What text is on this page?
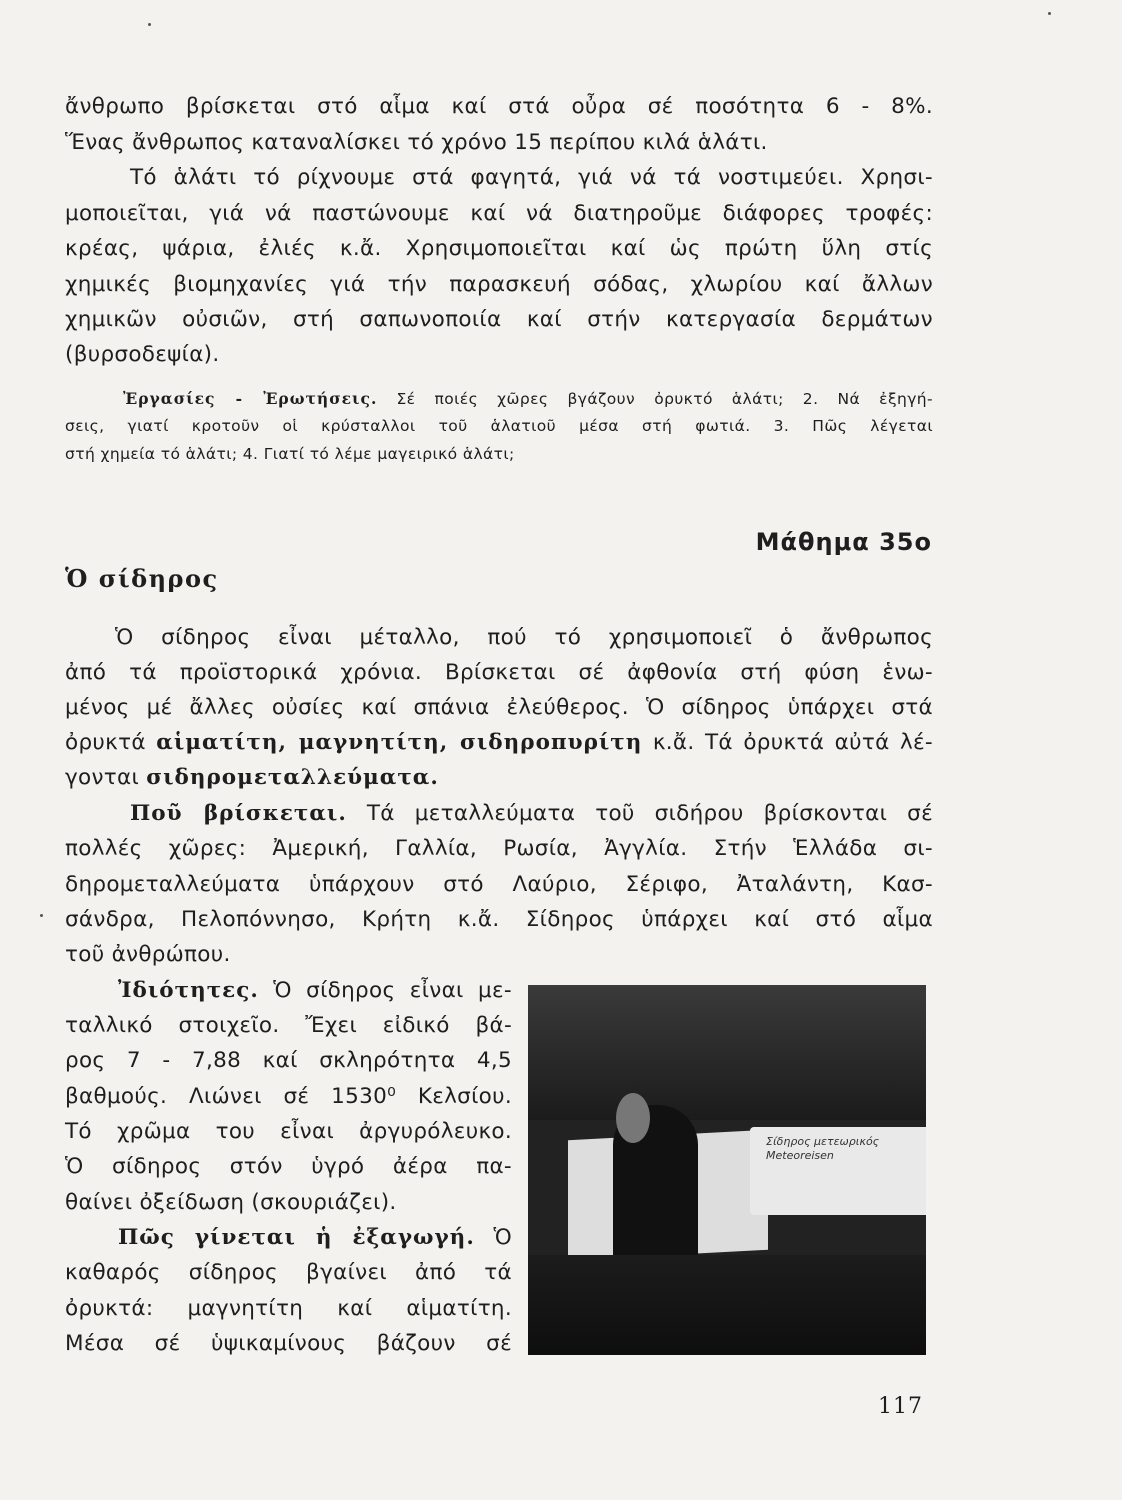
ἄνθρωπο βρίσκεται στό αἷμα καί στά οὖρα σέ ποσότητα 6 - 8%.
Ἕνας ἄνθρωπος καταναλίσκει τό χρόνο 15 περίπου κιλά ἁλάτι.
Τό ἁλάτι τό ρίχνουμε στά φαγητά, γιά νά τά νοστιμεύει. Χρησι-
μοποιεῖται, γιά νά παστώνουμε καί νά διατηροῦμε διάφορες τροφές:
κρέας, ψάρια, ἐλιές κ.ἄ. Χρησιμοποιεῖται καί ὡς πρώτη ὕλη στίς
χημικές βιομηχανίες γιά τήν παρασκευή σόδας, χλωρίου καί ἄλλων
χημικῶν οὐσιῶν, στή σαπωνοποιία καί στήν κατεργασία δερμάτων
(βυρσοδεψία).
Ἐργασίες - Ἐρωτήσεις. Σέ ποιές χῶρες βγάζουν ὀρυκτό ἁλάτι; 2. Νά ἐξηγή-
σεις, γιατί κροτοῦν οἱ κρύσταλλοι τοῦ ἁλατιοῦ μέσα στή φωτιά. 3. Πῶς λέγεται
στή χημεία τό ἁλάτι; 4. Γιατί τό λέμε μαγειρικό ἁλάτι;
Μάθημα 35ο
Ὁ σίδηρος
Ὁ σίδηρος εἶναι μέταλλο, πού τό χρησιμοποιεῖ ὁ ἄνθρωπος
ἀπό τά προϊστορικά χρόνια. Βρίσκεται σέ ἀφθονία στή φύση ἑνω-
μένος μέ ἄλλες οὐσίες καί σπάνια ἐλεύθερος. Ὁ σίδηρος ὑπάρχει στά
ὀρυκτά αἱματίτη, μαγνητίτη, σιδηροπυρίτη κ.ἄ. Τά ὀρυκτά αὐτά λέ-
γονται σιδηρομεταλλεύματα.
Ποῦ βρίσκεται. Τά μεταλλεύματα τοῦ σιδήρου βρίσκονται σέ
πολλές χῶρες: Ἀμερική, Γαλλία, Ρωσία, Ἀγγλία. Στήν Ἑλλάδα σι-
δηρομεταλλεύματα ὑπάρχουν στό Λαύριο, Σέριφο, Ἀταλάντη, Κασ-
σάνδρα, Πελοπόννησο, Κρήτη κ.ἄ. Σίδηρος ὑπάρχει καί στό αἷμα
τοῦ ἀνθρώπου.
Ἰδιότητες. Ὁ σίδηρος εἶναι με-
ταλλικό στοιχεῖο. Ἔχει εἰδικό βά-
ρος 7 - 7,88 καί σκληρότητα 4,5
βαθμούς. Λιώνει σέ 1530⁰ Κελσίου.
Τό χρῶμα του εἶναι ἀργυρόλευκο.
Ὁ σίδηρος στόν ὑγρό ἀέρα πα-
θαίνει ὀξείδωση (σκουριάζει).
Πῶς γίνεται ἡ ἐξαγωγή. Ὁ
καθαρός σίδηρος βγαίνει ἀπό τά
ὀρυκτά: μαγνητίτη καί αἱματίτη.
Μέσα σέ ὑψικαμίνους βάζουν σέ
Σίδηρος μετεωρικός
Meteoreisen
117
